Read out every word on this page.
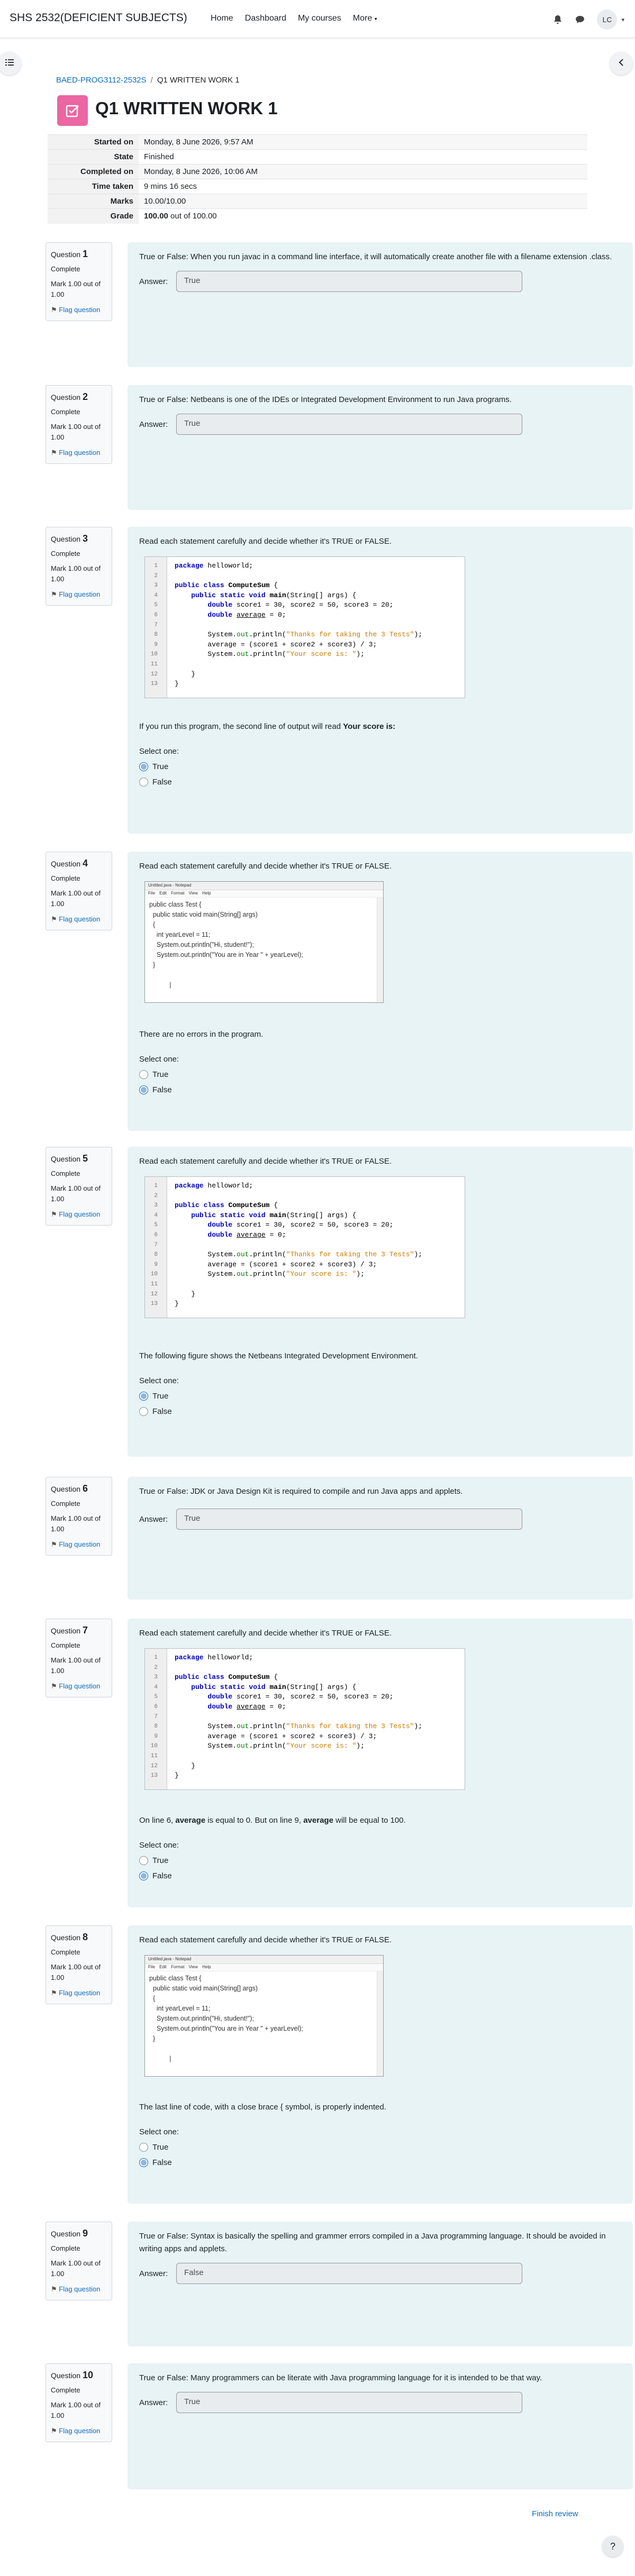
SHS 2532(DEFICIENT SUBJECTS)	Home Dashboard My courses More ▾	LC	▾
BAED-PROG3112-2532S / Q1 WRITTEN WORK 1
Q1 WRITTEN WORK 1
Started on	Monday, 8 June 2026, 9:57 AM
State	Finished
Completed on	Monday, 8 June 2026, 10:06 AM
Time taken	9 mins 16 secs
Marks	10.00/10.00
Grade	100.00 out of 100.00
Question 1
Complete
Mark 1.00 out of 1.00
⚑ Flag question
True or False: When you run javac in a command line interface, it will automatically create another file with a filename extension .class.
Answer:	True
Question 2
Complete
Mark 1.00 out of 1.00
⚑ Flag question
True or False: Netbeans is one of the IDEs or Integrated Development Environment to run Java programs.
Answer:	True
Question 3
Complete
Mark 1.00 out of 1.00
⚑ Flag question
Read each statement carefully and decide whether it's TRUE or FALSE.
1
2
3
4
5
6
7
8
9
10
11
12
13
package helloworld;

public class ComputeSum {
public static void main(String[] args) {
double score1 = 30, score2 = 50, score3 = 20;
double average = 0;

System.out.println("Thanks for taking the 3 Tests");
average = (score1 + score2 + score3) / 3;
System.out.println("Your score is: ");

}
}
If you run this program, the second line of output will read Your score is:
Select one:
True
False
Question 4
Complete
Mark 1.00 out of 1.00
⚑ Flag question
Read each statement carefully and decide whether it's TRUE or FALSE.
Untitled.java - Notepad
File Edit Format View Help
public class Test {
public static void main(String[] args)
{
int yearLevel = 11;
System.out.println("Hi, student!");
System.out.println("You are in Year " + yearLevel);
}

|
There are no errors in the program.
Select one:
True
False
Question 5
Complete
Mark 1.00 out of 1.00
⚑ Flag question
Read each statement carefully and decide whether it's TRUE or FALSE.
1
2
3
4
5
6
7
8
9
10
11
12
13
package helloworld;

public class ComputeSum {
public static void main(String[] args) {
double score1 = 30, score2 = 50, score3 = 20;
double average = 0;

System.out.println("Thanks for taking the 3 Tests");
average = (score1 + score2 + score3) / 3;
System.out.println("Your score is: ");

}
}
The following figure shows the Netbeans Integrated Development Environment.
Select one:
True
False
Question 6
Complete
Mark 1.00 out of 1.00
⚑ Flag question
True or False: JDK or Java Design Kit is required to compile and run Java apps and applets.
Answer:	True
Question 7
Complete
Mark 1.00 out of 1.00
⚑ Flag question
Read each statement carefully and decide whether it's TRUE or FALSE.
1
2
3
4
5
6
7
8
9
10
11
12
13
package helloworld;

public class ComputeSum {
public static void main(String[] args) {
double score1 = 30, score2 = 50, score3 = 20;
double average = 0;

System.out.println("Thanks for taking the 3 Tests");
average = (score1 + score2 + score3) / 3;
System.out.println("Your score is: ");

}
}
On line 6, average is equal to 0. But on line 9, average will be equal to 100.
Select one:
True
False
Question 8
Complete
Mark 1.00 out of 1.00
⚑ Flag question
Read each statement carefully and decide whether it's TRUE or FALSE.
Untitled.java - Notepad
File Edit Format View Help
public class Test {
public static void main(String[] args)
{
int yearLevel = 11;
System.out.println("Hi, student!");
System.out.println("You are in Year " + yearLevel);
}

|
The last line of code, with a close brace { symbol, is properly indented.
Select one:
True
False
Question 9
Complete
Mark 1.00 out of 1.00
⚑ Flag question
True or False: Syntax is basically the spelling and grammer errors compiled in a Java programming language. It should be avoided in writing apps and applets.
Answer:	False
Question 10
Complete
Mark 1.00 out of 1.00
⚑ Flag question
True or False: Many programmers can be literate with Java programming language for it is intended to be that way.
Answer:	True
Finish review
?
